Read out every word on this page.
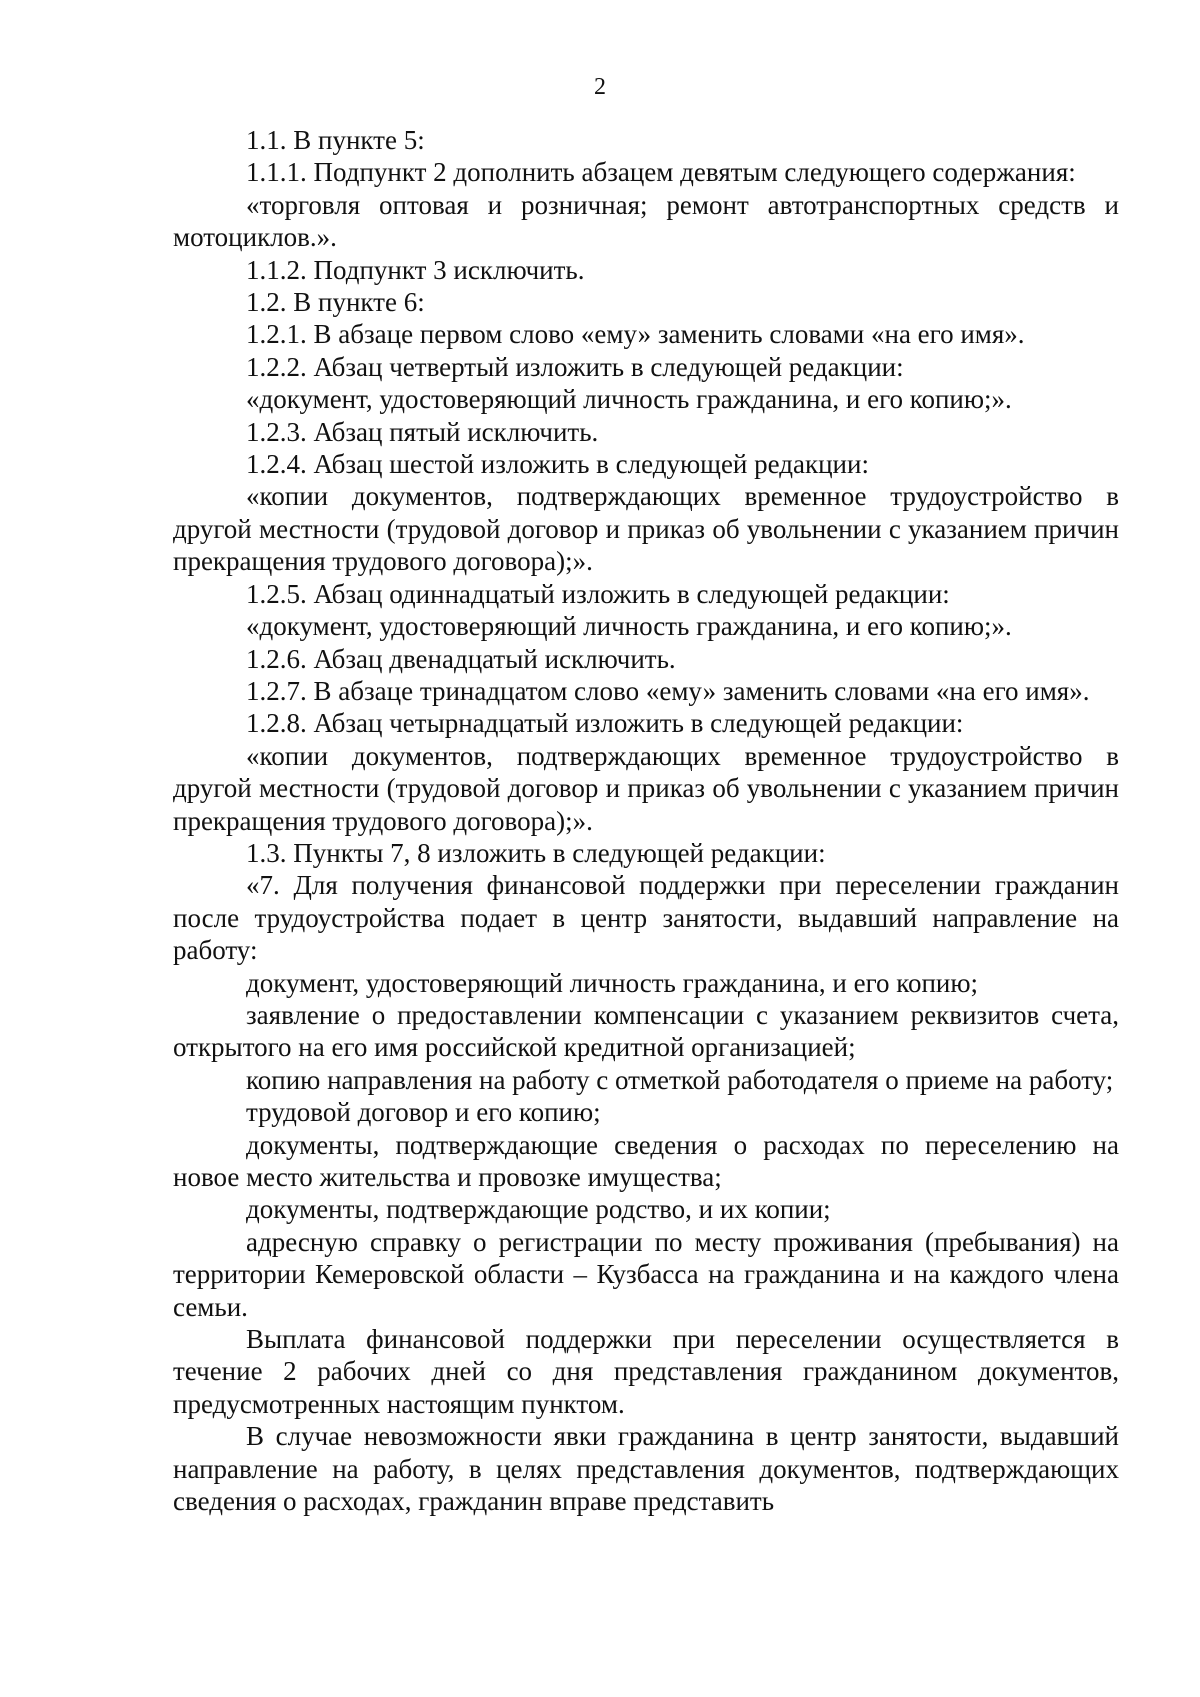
2

1.1. В пункте 5:

1.1.1. Подпункт 2 дополнить абзацем девятым следующего содержания:

«торговля оптовая и розничная; ремонт автотранспортных средств и мотоциклов.».

1.1.2. Подпункт 3 исключить.

1.2. В пункте 6:

1.2.1. В абзаце первом слово «ему» заменить словами «на его имя».

1.2.2. Абзац четвертый изложить в следующей редакции:

«документ, удостоверяющий личность гражданина, и его копию;».

1.2.3. Абзац пятый исключить.

1.2.4. Абзац шестой изложить в следующей редакции:

«копии документов, подтверждающих временное трудоустройство в другой местности (трудовой договор и приказ об увольнении с указанием причин прекращения трудового договора);».

1.2.5. Абзац одиннадцатый изложить в следующей редакции:

«документ, удостоверяющий личность гражданина, и его копию;».

1.2.6. Абзац двенадцатый исключить.

1.2.7. В абзаце тринадцатом слово «ему» заменить словами «на его имя».

1.2.8. Абзац четырнадцатый изложить в следующей редакции:

«копии документов, подтверждающих временное трудоустройство в другой местности (трудовой договор и приказ об увольнении с указанием причин прекращения трудового договора);».

1.3. Пункты 7, 8 изложить в следующей редакции:

«7. Для получения финансовой поддержки при переселении гражданин после трудоустройства подает в центр занятости, выдавший направление на работу:

документ, удостоверяющий личность гражданина, и его копию;

заявление о предоставлении компенсации с указанием реквизитов счета, открытого на его имя российской кредитной организацией;

копию направления на работу с отметкой работодателя о приеме на работу;

трудовой договор и его копию;

документы, подтверждающие сведения о расходах по переселению на новое место жительства и провозке имущества;

документы, подтверждающие родство, и их копии;

адресную справку о регистрации по месту проживания (пребывания) на территории Кемеровской области – Кузбасса на гражданина и на каждого члена семьи.

Выплата финансовой поддержки при переселении осуществляется в течение 2 рабочих дней со дня представления гражданином документов, предусмотренных настоящим пунктом.

В случае невозможности явки гражданина в центр занятости, выдавший направление на работу, в целях представления документов, подтверждающих сведения о расходах, гражданин вправе представить
